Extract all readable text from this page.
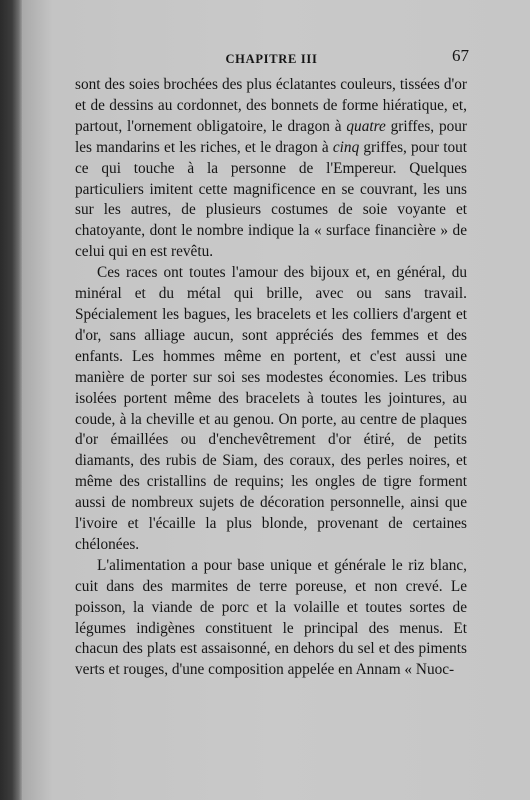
CHAPITRE III	67

sont des soies brochées des plus éclatantes couleurs, tissées d'or et de dessins au cordonnet, des bonnets de forme hiératique, et, partout, l'ornement obligatoire, le dragon à quatre griffes, pour les mandarins et les riches, et le dragon à cinq griffes, pour tout ce qui touche à la personne de l'Empereur. Quelques particuliers imitent cette magnificence en se couvrant, les uns sur les autres, de plusieurs costumes de soie voyante et chatoyante, dont le nombre indique la « surface financière » de celui qui en est revêtu.

Ces races ont toutes l'amour des bijoux et, en général, du minéral et du métal qui brille, avec ou sans travail. Spécialement les bagues, les bracelets et les colliers d'argent et d'or, sans alliage aucun, sont appréciés des femmes et des enfants. Les hommes même en portent, et c'est aussi une manière de porter sur soi ses modestes économies. Les tribus isolées portent même des bracelets à toutes les jointures, au coude, à la cheville et au genou. On porte, au centre de plaques d'or émaillées ou d'enchevêtrement d'or étiré, de petits diamants, des rubis de Siam, des coraux, des perles noires, et même des cristallins de requins; les ongles de tigre forment aussi de nombreux sujets de décoration personnelle, ainsi que l'ivoire et l'écaille la plus blonde, provenant de certaines chélonées.

L'alimentation a pour base unique et générale le riz blanc, cuit dans des marmites de terre poreuse, et non crevé. Le poisson, la viande de porc et la volaille et toutes sortes de légumes indigènes constituent le principal des menus. Et chacun des plats est assaisonné, en dehors du sel et des piments verts et rouges, d'une composition appelée en Annam « Nuoc-
